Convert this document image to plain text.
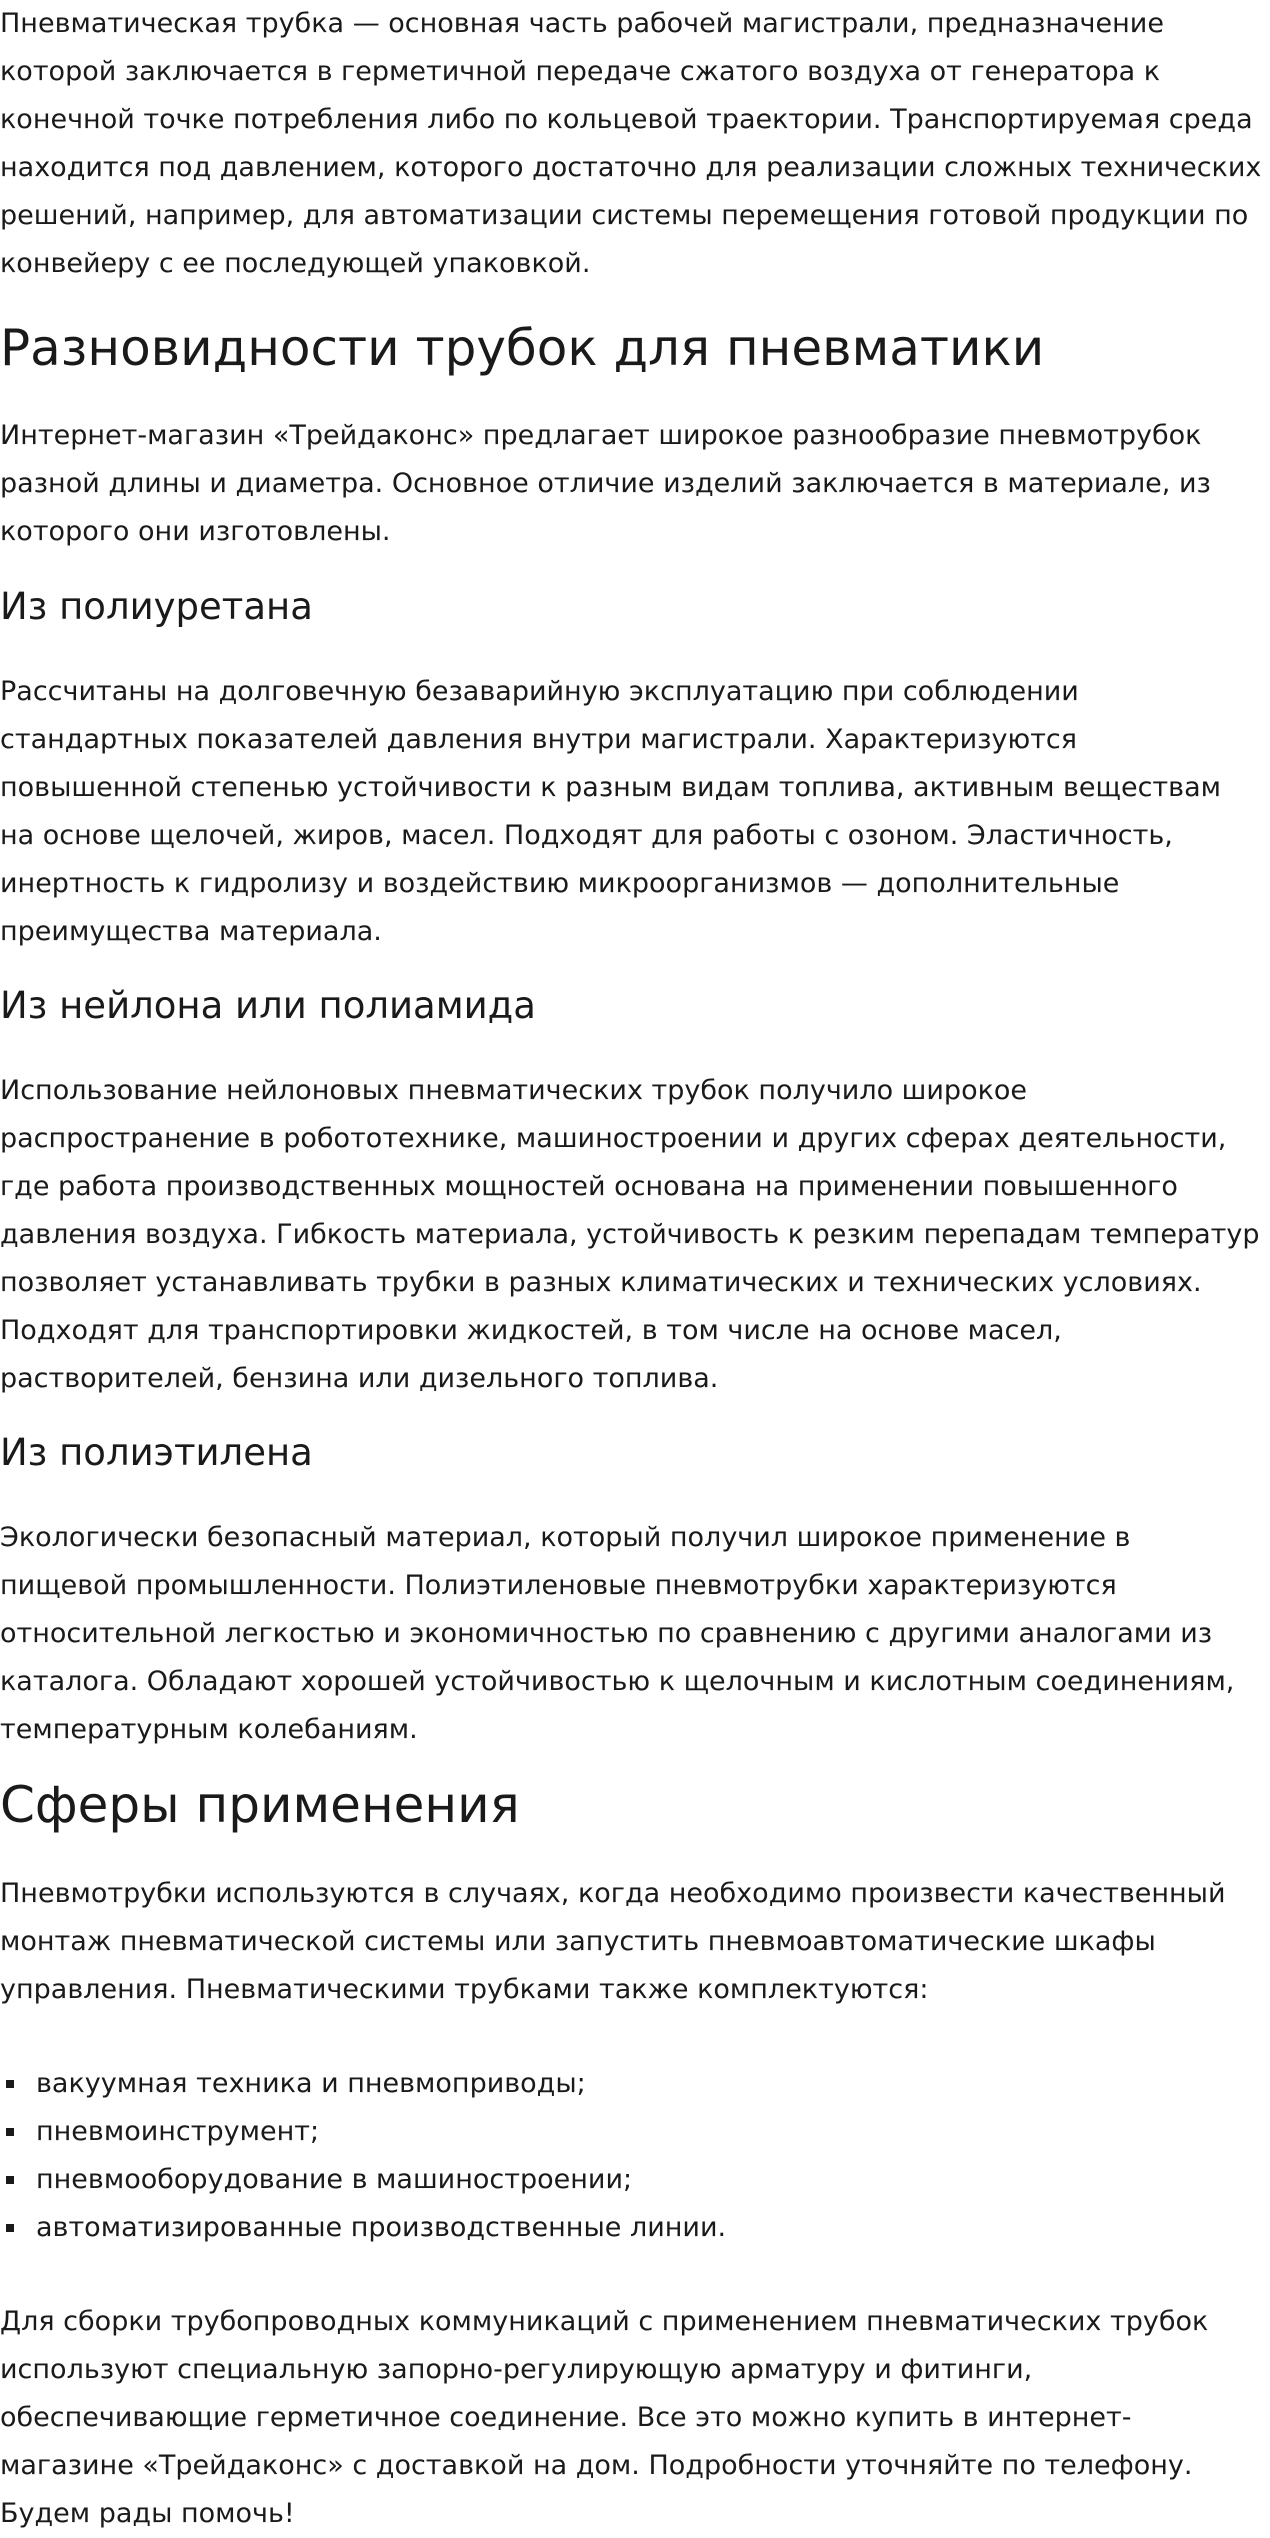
Пневматическая трубка — основная часть рабочей магистрали, предназначение которой заключается в герметичной передаче сжатого воздуха от генератора к конечной точке потребления либо по кольцевой траектории. Транспортируемая среда находится под давлением, которого достаточно для реализации сложных технических решений, например, для автоматизации системы перемещения готовой продукции по конвейеру с ее последующей упаковкой.

Разновидности трубок для пневматики

Интернет-магазин «Трейдаконс» предлагает широкое разнообразие пневмотрубок разной длины и диаметра. Основное отличие изделий заключается в материале, из которого они изготовлены.

Из полиуретана

Рассчитаны на долговечную безаварийную эксплуатацию при соблюдении стандартных показателей давления внутри магистрали. Характеризуются повышенной степенью устойчивости к разным видам топлива, активным веществам на основе щелочей, жиров, масел. Подходят для работы с озоном. Эластичность, инертность к гидролизу и воздействию микроорганизмов — дополнительные преимущества материала.

Из нейлона или полиамида

Использование нейлоновых пневматических трубок получило широкое распространение в робототехнике, машиностроении и других сферах деятельности, где работа производственных мощностей основана на применении повышенного давления воздуха. Гибкость материала, устойчивость к резким перепадам температур позволяет устанавливать трубки в разных климатических и технических условиях. Подходят для транспортировки жидкостей, в том числе на основе масел, растворителей, бензина или дизельного топлива.

Из полиэтилена

Экологически безопасный материал, который получил широкое применение в пищевой промышленности. Полиэтиленовые пневмотрубки характеризуются относительной легкостью и экономичностью по сравнению с другими аналогами из каталога. Обладают хорошей устойчивостью к щелочным и кислотным соединениям, температурным колебаниям.

Сферы применения

Пневмотрубки используются в случаях, когда необходимо произвести качественный монтаж пневматической системы или запустить пневмоавтоматические шкафы управления. Пневматическими трубками также комплектуются:

вакуумная техника и пневмоприводы;
пневмоинструмент;
пневмооборудование в машиностроении;
автоматизированные производственные линии.

Для сборки трубопроводных коммуникаций с применением пневматических трубок используют специальную запорно-регулирующую арматуру и фитинги, обеспечивающие герметичное соединение. Все это можно купить в интернет-магазине «Трейдаконс» с доставкой на дом. Подробности уточняйте по телефону. Будем рады помочь!
